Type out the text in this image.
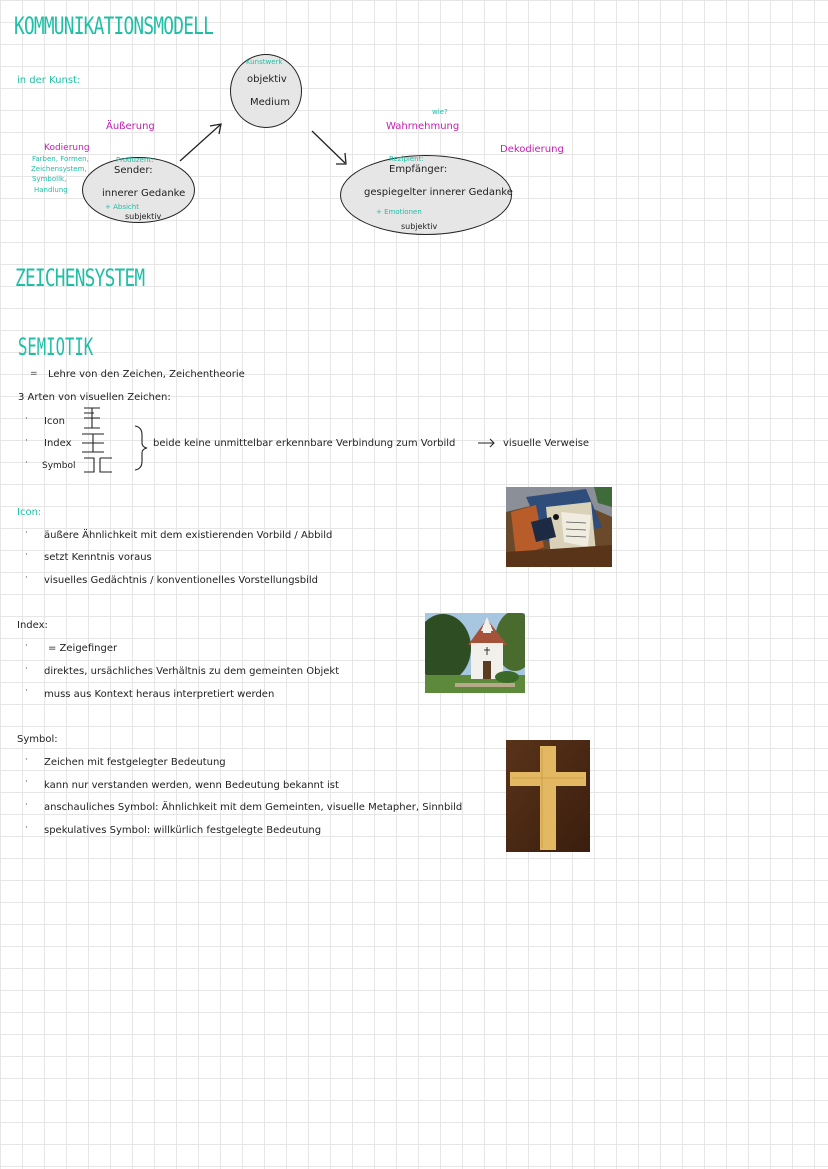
KOMMUNIKATIONSMODELL
in der Kunst:
Kunstwerk
objektiv
Medium
Äußerung
wie?
Wahrnehmung
Kodierung
Farben, Formen,
Zeichensystem,
Symbolik,
Handlung
Dekodierung
Produzent:
Sender:
innerer Gedanke
+ Absicht
subjektiv
Rezipient:
Empfänger:
gespiegelter innerer Gedanke
+ Emotionen
subjektiv
ZEICHENSYSTEM
SEMIOTIK
= Lehre von den Zeichen, Zeichentheorie
3 Arten von visuellen Zeichen:
· Icon
· Index
· Symbol
beide keine unmittelbar erkennbare Verbindung zum Vorbild	visuelle Verweise
Icon:
· äußere Ähnlichkeit mit dem existierenden Vorbild / Abbild
· setzt Kenntnis voraus
· visuelles Gedächtnis / konventionelles Vorstellungsbild
Index:
· = Zeigefinger
· direktes, ursächliches Verhältnis zu dem gemeinten Objekt
· muss aus Kontext heraus interpretiert werden
Symbol:
· Zeichen mit festgelegter Bedeutung
· kann nur verstanden werden, wenn Bedeutung bekannt ist
· anschauliches Symbol: Ähnlichkeit mit dem Gemeinten, visuelle Metapher, Sinnbild
· spekulatives Symbol: willkürlich festgelegte Bedeutung
